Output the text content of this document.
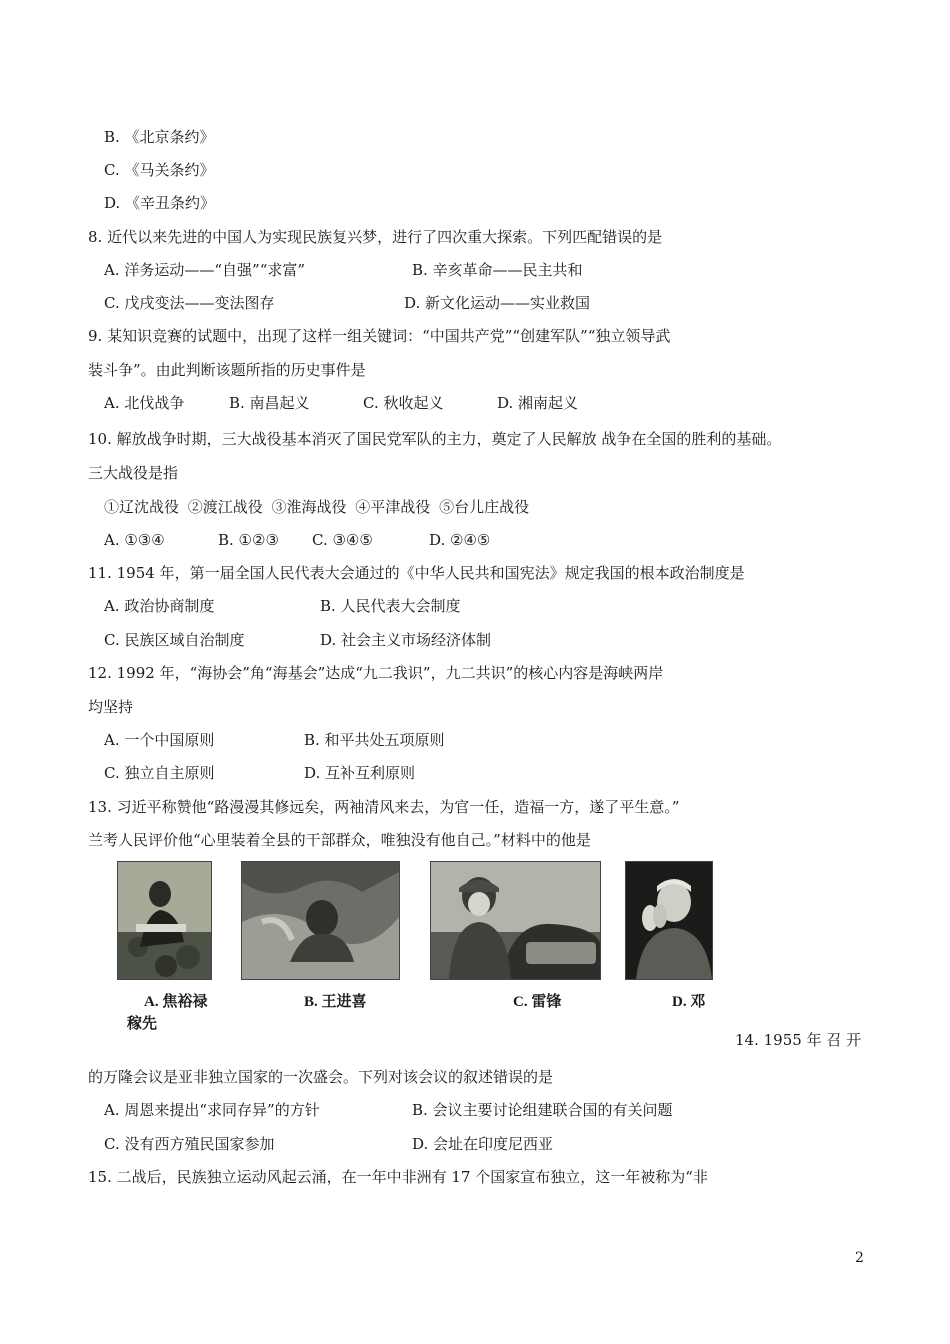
B. 《北京条约》
C. 《马关条约》
D. 《辛丑条约》
8. 近代以来先进的中国人为实现民族复兴梦，进行了四次重大探索。下列匹配错误的是
A. 洋务运动——“自强”“求富”	B. 辛亥革命——民主共和
C. 戊戌变法——变法图存	D. 新文化运动——实业救国
9. 某知识竞赛的试题中，出现了这样一组关键词：“中国共产党”“创建军队”“独立领导武
装斗争”。由此判断该题所指的历史事件是
A. 北伐战争	B. 南昌起义	C. 秋收起义	D. 湘南起义
10. 解放战争时期，三大战役基本消灭了国民党军队的主力，奠定了人民解放 战争在全国的胜利的基础。
三大战役是指
①辽沈战役 ②渡江战役 ③淮海战役 ④平津战役 ⑤台儿庄战役
A. ①③④	B. ①②③ C. ③④⑤	D. ②④⑤
11. 1954 年，第一届全国人民代表大会通过的《中华人民共和国宪法》规定我国的根本政治制度是
A. 政治协商制度	B. 人民代表大会制度
C. 民族区域自治制度	D. 社会主义市场经济体制
12. 1992 年，“海协会”角“海基会”达成“九二我识”，九二共识”的核心内容是海峡两岸
均坚持
A. 一个中国原则	B. 和平共处五项原则
C. 独立自主原则	D. 互补互利原则
13. 习近平称赞他“路漫漫其修远矣，两袖清风来去，为官一任，造福一方，遂了平生意。”
兰考人民评价他“心里装着全县的干部群众，唯独没有他自己。”材料中的他是
A. 焦裕禄	B. 王进喜	C. 雷锋	D. 邓
稼先
14. 1955 年 召 开
的万隆会议是亚非独立国家的一次盛会。下列对该会议的叙述错误的是
A. 周恩来提出“求同存异”的方针	B. 会议主要讨论组建联合国的有关问题
C. 没有西方殖民国家参加	D. 会址在印度尼西亚
15. 二战后，民族独立运动风起云涌，在一年中非洲有 17 个国家宣布独立，这一年被称为“非
2
